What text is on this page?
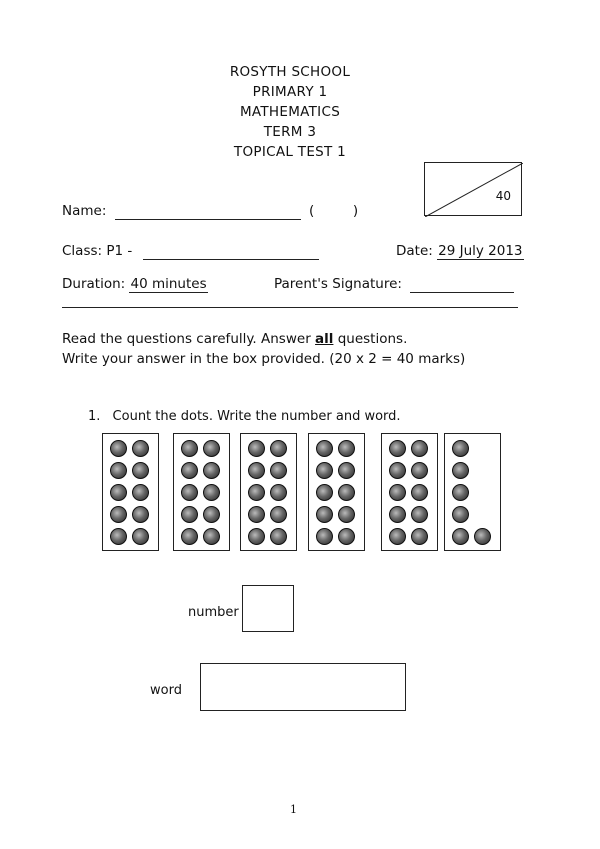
ROSYTH SCHOOL
PRIMARY 1
MATHEMATICS
TERM 3
TOPICAL TEST 1
40
Name:	(	)
Class: P1 -	Date: 29 July 2013
Duration: 40 minutes	Parent's Signature:
Read the questions carefully. Answer all questions.
Write your answer in the box provided. (20 x 2 = 40 marks)
1. Count the dots. Write the number and word.
number
word
1
